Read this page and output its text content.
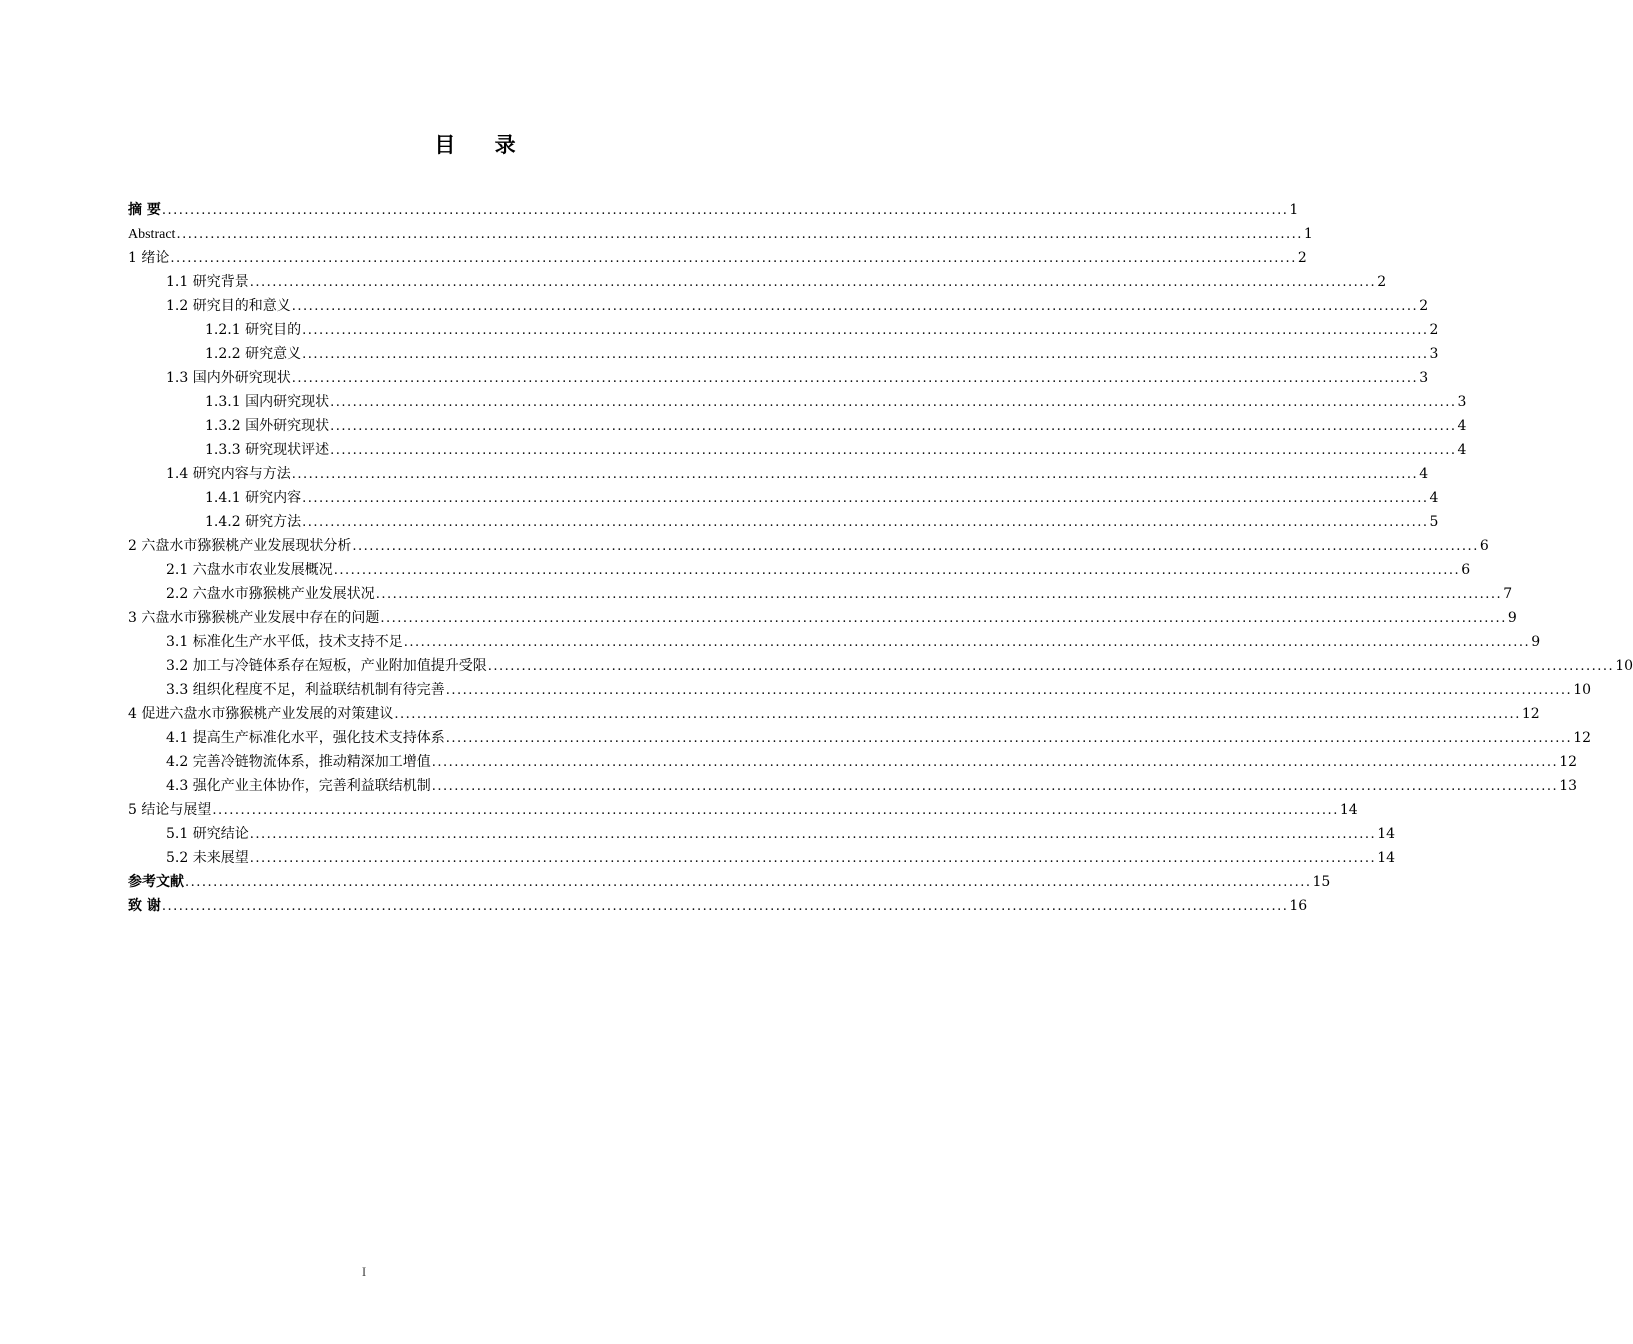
目 录
摘 要 ........................................................................................................................................................................................................ 1
Abstract ........................................................................................................................................................................................................ 1
1 绪论 ........................................................................................................................................................................................................ 2
1.1 研究背景 ........................................................................................................................................................................................................ 2
1.2 研究目的和意义 ........................................................................................................................................................................................................ 2
1.2.1 研究目的 ........................................................................................................................................................................................................ 2
1.2.2 研究意义 ........................................................................................................................................................................................................ 3
1.3 国内外研究现状 ........................................................................................................................................................................................................ 3
1.3.1 国内研究现状 ........................................................................................................................................................................................................ 3
1.3.2 国外研究现状 ........................................................................................................................................................................................................ 4
1.3.3 研究现状评述 ........................................................................................................................................................................................................ 4
1.4 研究内容与方法 ........................................................................................................................................................................................................ 4
1.4.1 研究内容 ........................................................................................................................................................................................................ 4
1.4.2 研究方法 ........................................................................................................................................................................................................ 5
2 六盘水市猕猴桃产业发展现状分析 ........................................................................................................................................................................................................ 6
2.1 六盘水市农业发展概况 ........................................................................................................................................................................................................ 6
2.2 六盘水市猕猴桃产业发展状况 ........................................................................................................................................................................................................ 7
3 六盘水市猕猴桃产业发展中存在的问题 ........................................................................................................................................................................................................ 9
3.1 标准化生产水平低，技术支持不足 ........................................................................................................................................................................................................ 9
3.2 加工与冷链体系存在短板，产业附加值提升受限 ........................................................................................................................................................................................................ 10
3.3 组织化程度不足，利益联结机制有待完善 ........................................................................................................................................................................................................ 10
4 促进六盘水市猕猴桃产业发展的对策建议 ........................................................................................................................................................................................................ 12
4.1 提高生产标准化水平，强化技术支持体系 ........................................................................................................................................................................................................ 12
4.2 完善冷链物流体系，推动精深加工增值 ........................................................................................................................................................................................................ 12
4.3 强化产业主体协作，完善利益联结机制 ........................................................................................................................................................................................................ 13
5 结论与展望 ........................................................................................................................................................................................................ 14
5.1 研究结论 ........................................................................................................................................................................................................ 14
5.2 未来展望 ........................................................................................................................................................................................................ 14
参考文献 ........................................................................................................................................................................................................ 15
致 谢 ........................................................................................................................................................................................................ 16
I
